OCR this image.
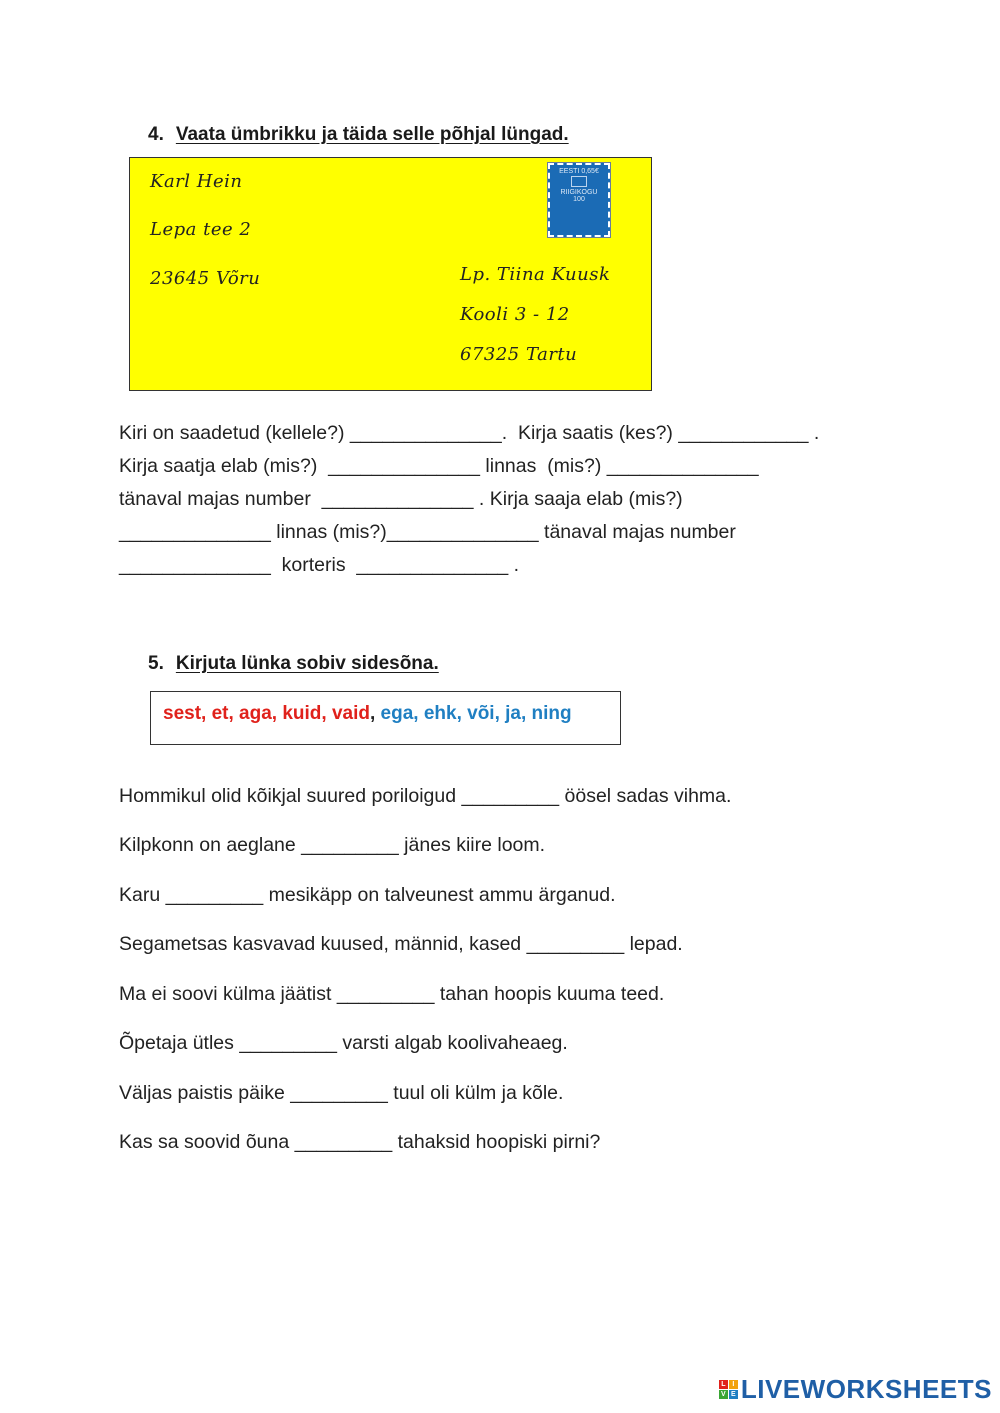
4. Vaata ümbrikku ja täida selle põhjal lüngad.
Karl Hein
Lepa tee 2
23645 Võru	Lp. Tiina Kuusk
Kooli 3 - 12
67325 Tartu
EESTI 0,65€
RIIGIKOGU
100
Kiri on saadetud (kellele?) ______________.  Kirja saatis (kes?) ____________ .
Kirja saatja elab (mis?)  ______________ linnas  (mis?) ______________
tänaval majas number  ______________ . Kirja saaja elab (mis?)
______________ linnas (mis?)______________ tänaval majas number
______________  korteris  ______________ .
5. Kirjuta lünka sobiv sidesõna.
sest, et, aga, kuid, vaid, ega, ehk, või, ja, ning
Hommikul olid kõikjal suured poriloigud _________ öösel sadas vihma.
Kilpkonn on aeglane _________ jänes kiire loom.
Karu _________ mesikäpp on talveunest ammu ärganud.
Segametsas kasvavad kuused, männid, kased _________ lepad.
Ma ei soovi külma jäätist _________ tahan hoopis kuuma teed.
Õpetaja ütles _________ varsti algab koolivaheaeg.
Väljas paistis päike _________ tuul oli külm ja kõle.
Kas sa soovid õuna _________ tahaksid hoopiski pirni?
L I
V E LIVEWORKSHEETS
